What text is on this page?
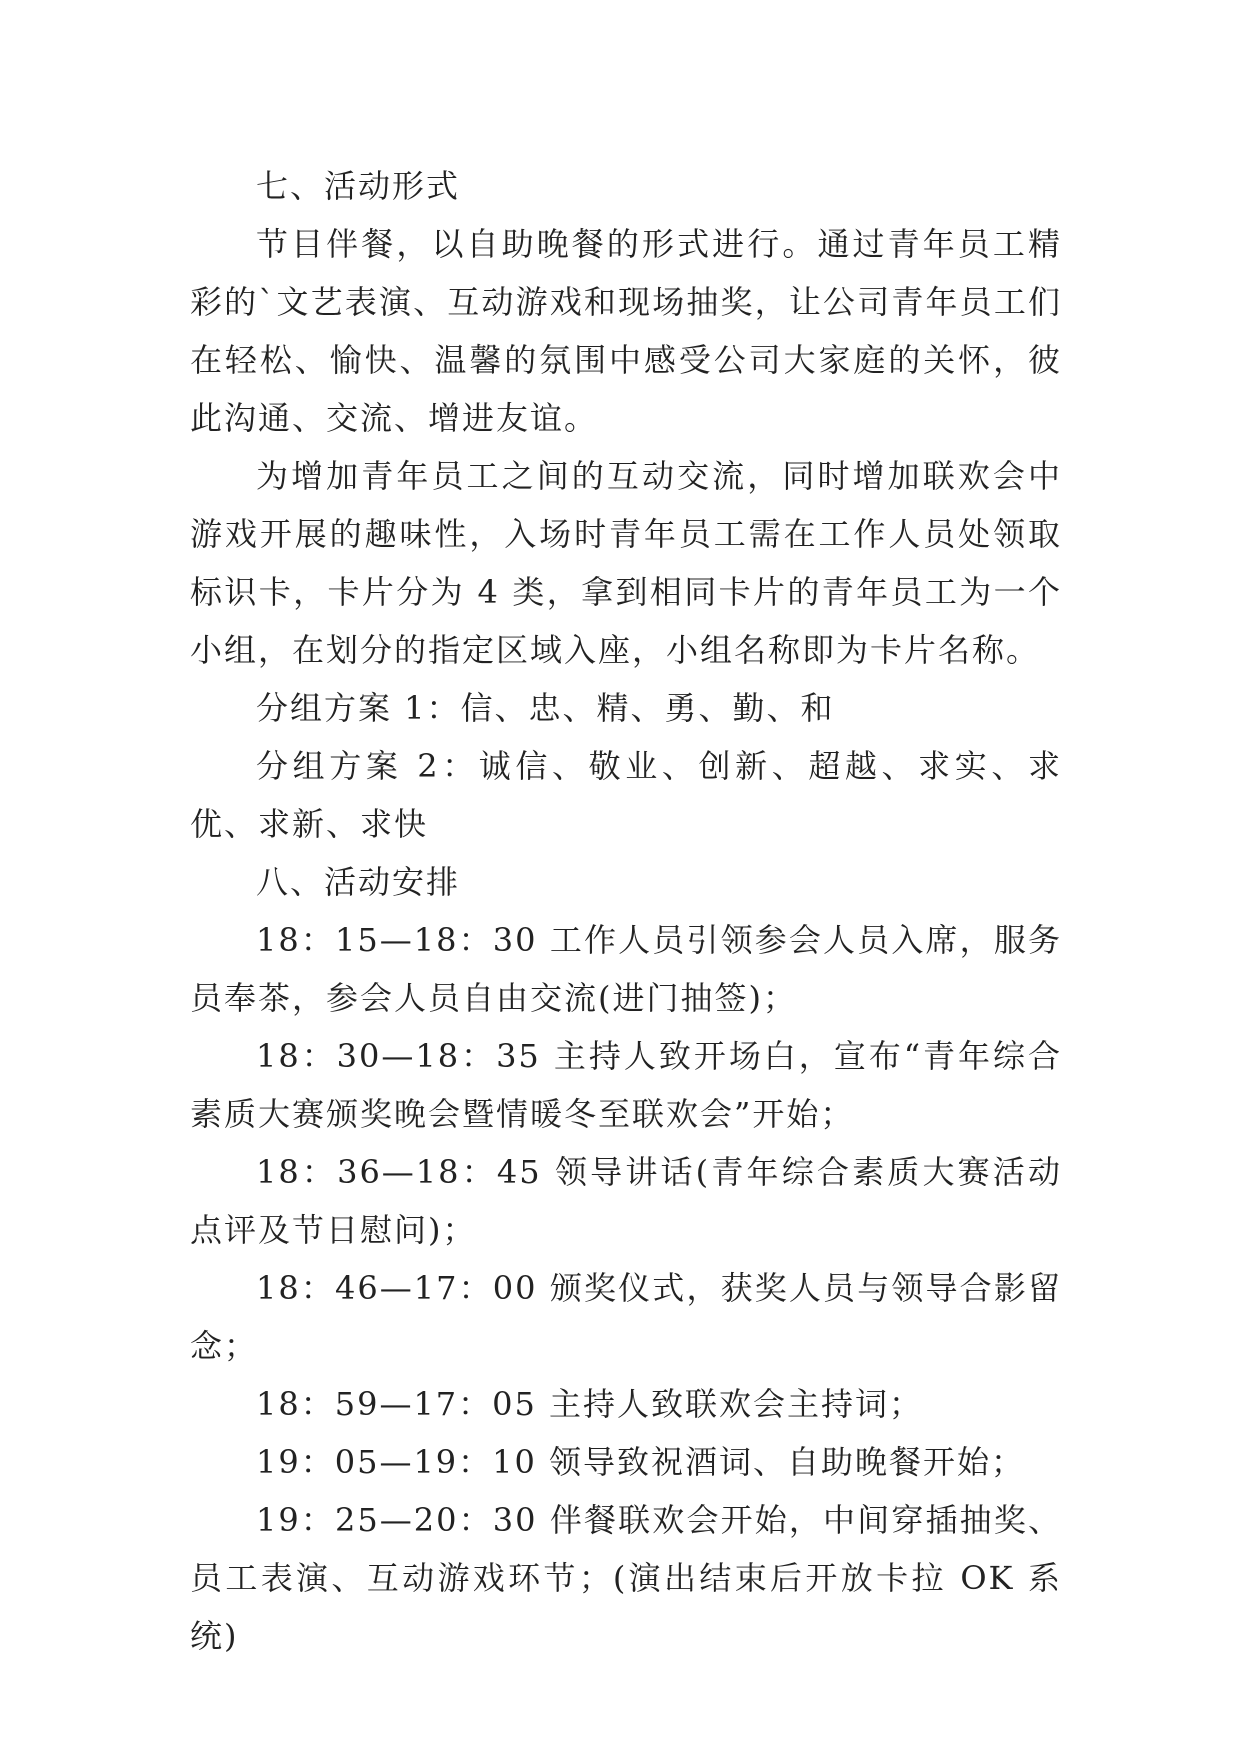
七、活动形式

节目伴餐，以自助晚餐的形式进行。通过青年员工精彩的`文艺表演、互动游戏和现场抽奖，让公司青年员工们在轻松、愉快、温馨的氛围中感受公司大家庭的关怀，彼此沟通、交流、增进友谊。

为增加青年员工之间的互动交流，同时增加联欢会中游戏开展的趣味性，入场时青年员工需在工作人员处领取标识卡，卡片分为 4 类，拿到相同卡片的青年员工为一个小组，在划分的指定区域入座，小组名称即为卡片名称。

分组方案 1：信、忠、精、勇、勤、和

分组方案 2：诚信、敬业、创新、超越、求实、求优、求新、求快

八、活动安排

18：15—18：30 工作人员引领参会人员入席，服务员奉茶，参会人员自由交流(进门抽签)；

18：30—18：35 主持人致开场白，宣布“青年综合素质大赛颁奖晚会暨情暖冬至联欢会”开始；

18：36—18：45 领导讲话(青年综合素质大赛活动点评及节日慰问)；

18：46—17：00 颁奖仪式，获奖人员与领导合影留念；

18：59—17：05 主持人致联欢会主持词；

19：05—19：10 领导致祝酒词、自助晚餐开始；

19：25—20：30 伴餐联欢会开始，中间穿插抽奖、员工表演、互动游戏环节；(演出结束后开放卡拉 OK 系统)
